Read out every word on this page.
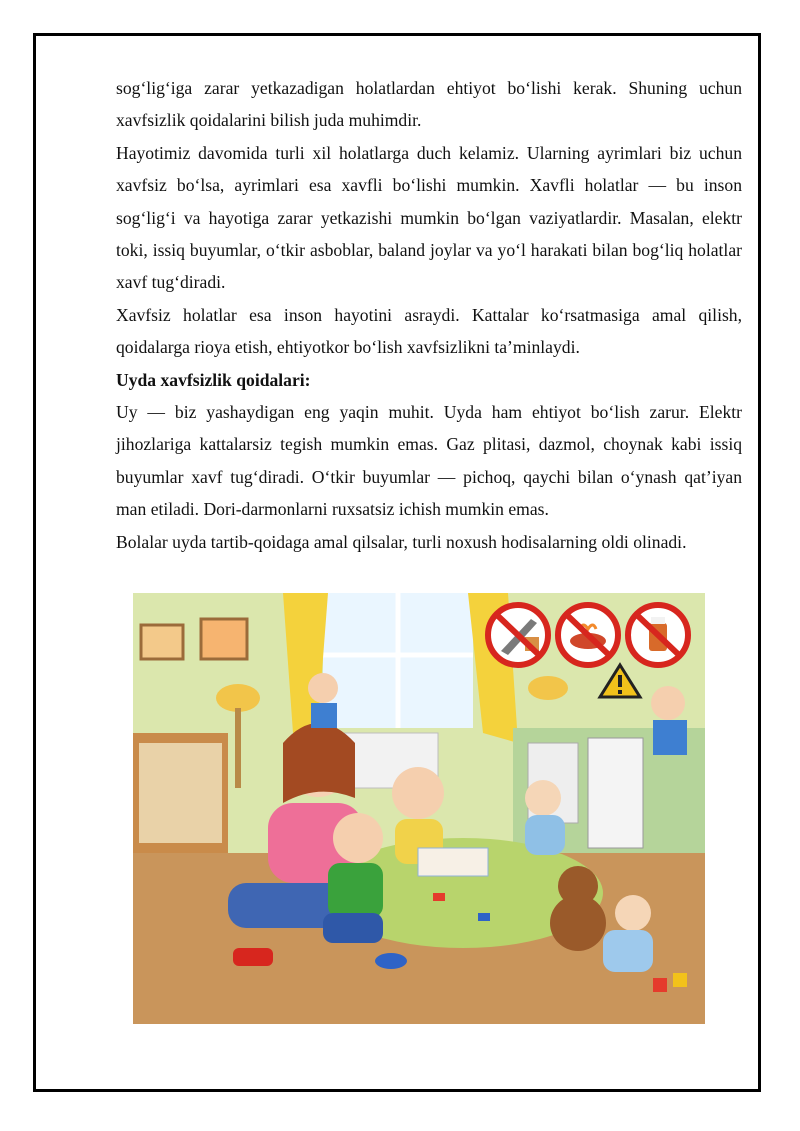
sog‘lig‘iga zarar yetkazadigan holatlardan ehtiyot bo‘lishi kerak. Shuning uchun xavfsizlik qoidalarini bilish juda muhimdir.

Hayotimiz davomida turli xil holatlarga duch kelamiz. Ularning ayrimlari biz uchun xavfsiz bo‘lsa, ayrimlari esa xavfli bo‘lishi mumkin. Xavfli holatlar — bu inson sog‘lig‘i va hayotiga zarar yetkazishi mumkin bo‘lgan vaziyatlardir. Masalan, elektr toki, issiq buyumlar, o‘tkir asboblar, baland joylar va yo‘l harakati bilan bog‘liq holatlar xavf tug‘diradi.

Xavfsiz holatlar esa inson hayotini asraydi. Kattalar ko‘rsatmasiga amal qilish, qoidalarga rioya etish, ehtiyotkor bo‘lish xavfsizlikni ta’minlaydi.

Uyda xavfsizlik qoidalari:

Uy — biz yashaydigan eng yaqin muhit. Uyda ham ehtiyot bo‘lish zarur. Elektr jihozlariga kattalarsiz tegish mumkin emas. Gaz plitasi, dazmol, choynak kabi issiq buyumlar xavf tug‘diradi. O‘tkir buyumlar — pichoq, qaychi bilan o‘ynash qat’iyan man etiladi. Dori-darmonlarni ruxsatsiz ichish mumkin emas.

Bolalar uyda tartib-qoidaga amal qilsalar, turli noxush hodisalarning oldi olinadi.
